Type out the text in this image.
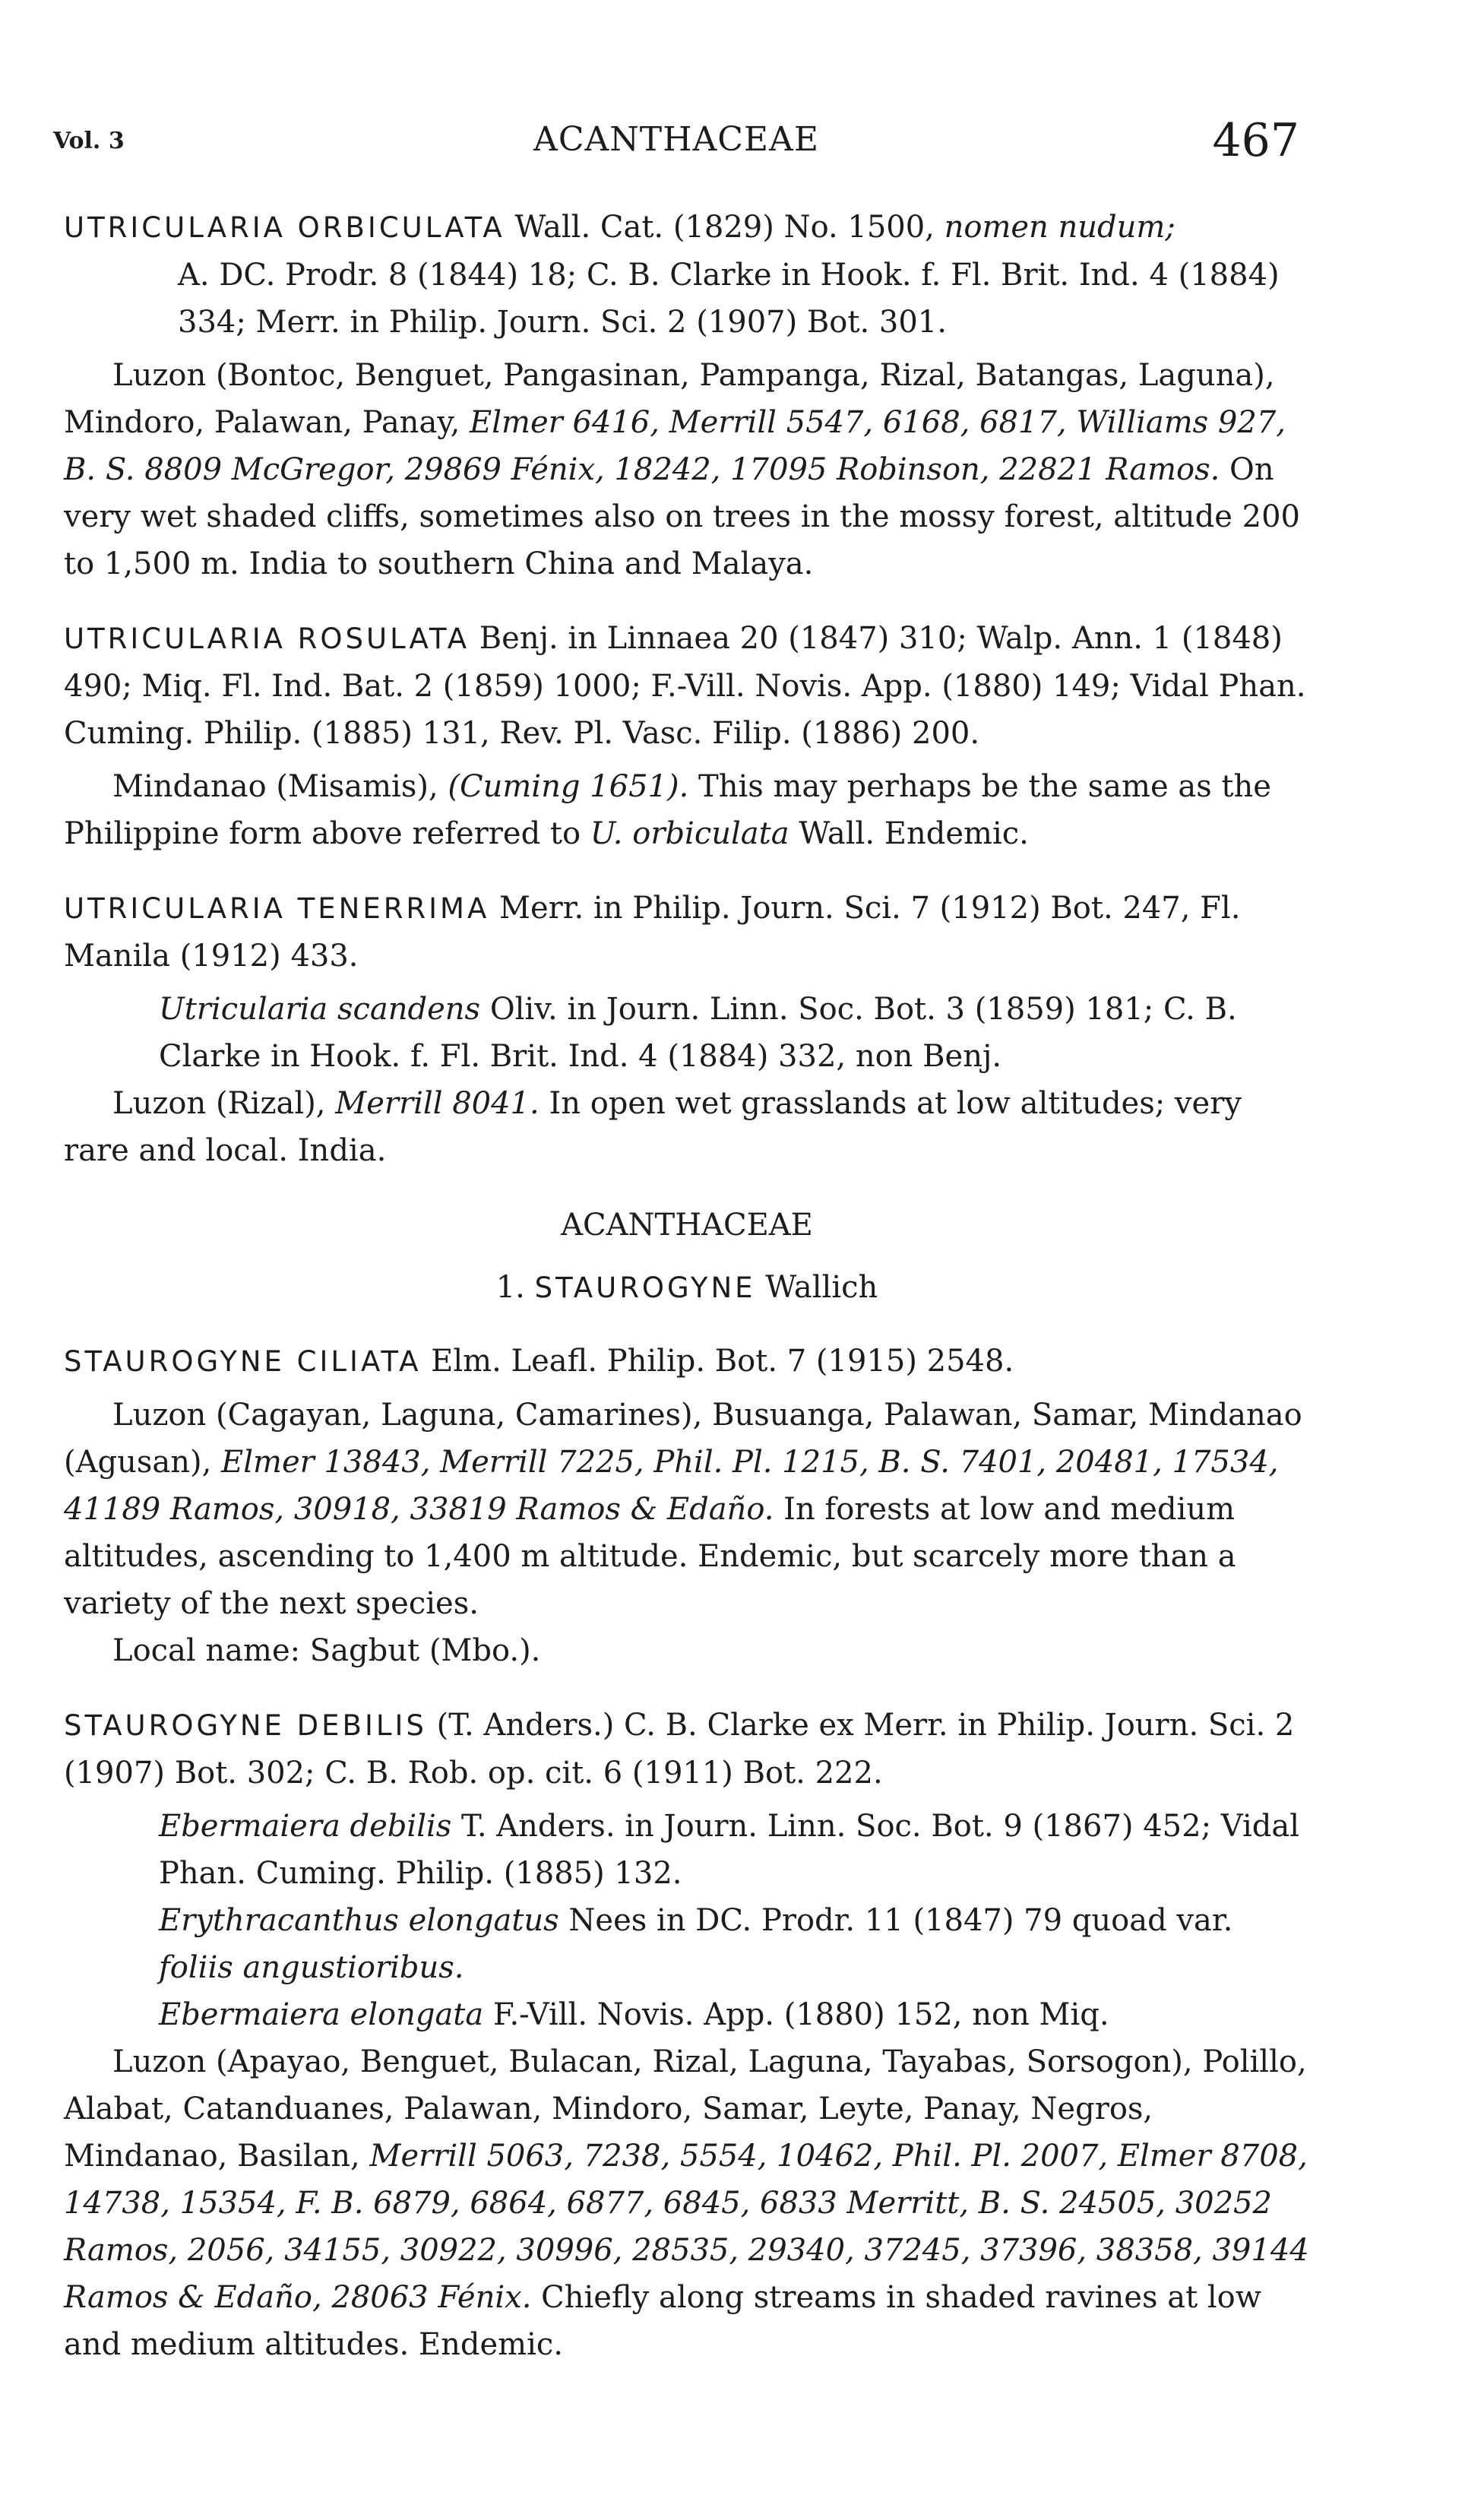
Vol. 3	ACANTHACEAE	467

UTRICULARIA ORBICULATA Wall. Cat. (1829) No. 1500, nomen nudum;
A. DC. Prodr. 8 (1844) 18; C. B. Clarke in Hook. f. Fl. Brit. Ind. 4 (1884) 334; Merr. in Philip. Journ. Sci. 2 (1907) Bot. 301.

Luzon (Bontoc, Benguet, Pangasinan, Pampanga, Rizal, Batangas, Laguna), Mindoro, Palawan, Panay, Elmer 6416, Merrill 5547, 6168, 6817, Williams 927, B. S. 8809 McGregor, 29869 Fénix, 18242, 17095 Robinson, 22821 Ramos. On very wet shaded cliffs, sometimes also on trees in the mossy forest, altitude 200 to 1,500 m. India to southern China and Malaya.

UTRICULARIA ROSULATA Benj. in Linnaea 20 (1847) 310; Walp. Ann. 1 (1848) 490; Miq. Fl. Ind. Bat. 2 (1859) 1000; F.-Vill. Novis. App. (1880) 149; Vidal Phan. Cuming. Philip. (1885) 131, Rev. Pl. Vasc. Filip. (1886) 200.

Mindanao (Misamis), (Cuming 1651). This may perhaps be the same as the Philippine form above referred to U. orbiculata Wall. Endemic.

UTRICULARIA TENERRIMA Merr. in Philip. Journ. Sci. 7 (1912) Bot. 247, Fl. Manila (1912) 433.

Utricularia scandens Oliv. in Journ. Linn. Soc. Bot. 3 (1859) 181; C. B. Clarke in Hook. f. Fl. Brit. Ind. 4 (1884) 332, non Benj.

Luzon (Rizal), Merrill 8041. In open wet grasslands at low altitudes; very rare and local. India.

ACANTHACEAE
1. STAUROGYNE Wallich

STAUROGYNE CILIATA Elm. Leafl. Philip. Bot. 7 (1915) 2548.

Luzon (Cagayan, Laguna, Camarines), Busuanga, Palawan, Samar, Mindanao (Agusan), Elmer 13843, Merrill 7225, Phil. Pl. 1215, B. S. 7401, 20481, 17534, 41189 Ramos, 30918, 33819 Ramos & Edaño. In forests at low and medium altitudes, ascending to 1,400 m altitude. Endemic, but scarcely more than a variety of the next species.

Local name: Sagbut (Mbo.).

STAUROGYNE DEBILIS (T. Anders.) C. B. Clarke ex Merr. in Philip. Journ. Sci. 2 (1907) Bot. 302; C. B. Rob. op. cit. 6 (1911) Bot. 222.

Ebermaiera debilis T. Anders. in Journ. Linn. Soc. Bot. 9 (1867) 452; Vidal Phan. Cuming. Philip. (1885) 132.

Erythracanthus elongatus Nees in DC. Prodr. 11 (1847) 79 quoad var. foliis angustioribus.

Ebermaiera elongata F.-Vill. Novis. App. (1880) 152, non Miq.

Luzon (Apayao, Benguet, Bulacan, Rizal, Laguna, Tayabas, Sorsogon), Polillo, Alabat, Catanduanes, Palawan, Mindoro, Samar, Leyte, Panay, Negros, Mindanao, Basilan, Merrill 5063, 7238, 5554, 10462, Phil. Pl. 2007, Elmer 8708, 14738, 15354, F. B. 6879, 6864, 6877, 6845, 6833 Merritt, B. S. 24505, 30252 Ramos, 2056, 34155, 30922, 30996, 28535, 29340, 37245, 37396, 38358, 39144 Ramos & Edaño, 28063 Fénix. Chiefly along streams in shaded ravines at low and medium altitudes. Endemic.
